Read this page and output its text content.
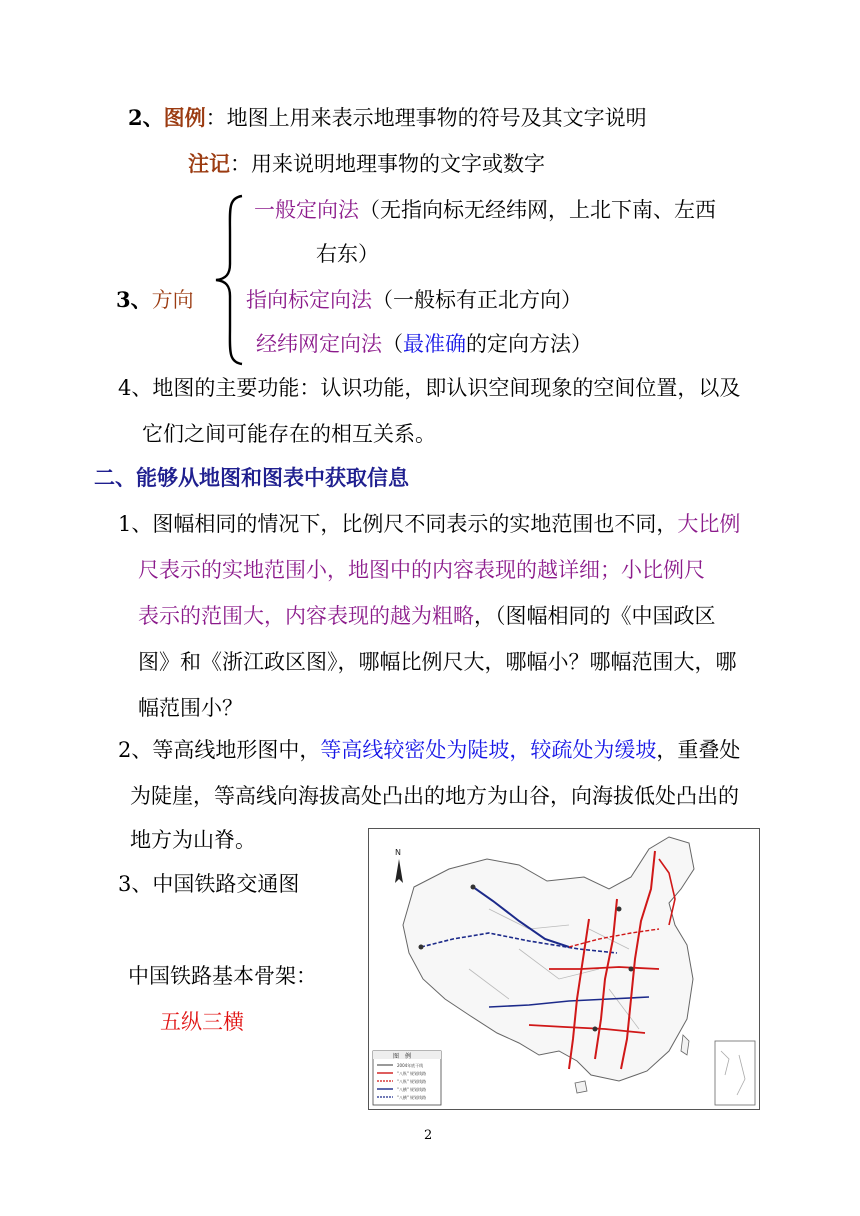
2、图例：地图上用来表示地理事物的符号及其文字说明
注记：用来说明地理事物的文字或数字
一般定向法（无指向标无经纬网，上北下南、左西
右东）
3、方向 指向标定向法（一般标有正北方向）
经纬网定向法（最准确的定向方法）
4、地图的主要功能：认识功能，即认识空间现象的空间位置，以及
它们之间可能存在的相互关系。
二、能够从地图和图表中获取信息
1、图幅相同的情况下，比例尺不同表示的实地范围也不同，大比例
尺表示的实地范围小，地图中的内容表现的越详细；小比例尺
表示的范围大，内容表现的越为粗略，（图幅相同的《中国政区
图》和《浙江政区图》，哪幅比例尺大，哪幅小？哪幅范围大，哪
幅范围小？
2、等高线地形图中，等高线较密处为陡坡，较疏处为缓坡，重叠处
为陡崖，等高线向海拔高处凸出的地方为山谷，向海拔低处凸出的
地方为山脊。
3、中国铁路交通图
中国铁路基本骨架：
五纵三横
N
图　例
2004年底干线
"八纵" 规划线路
"八纵" 规划线路
"八横" 规划线路
"八横" 规划线路
2
